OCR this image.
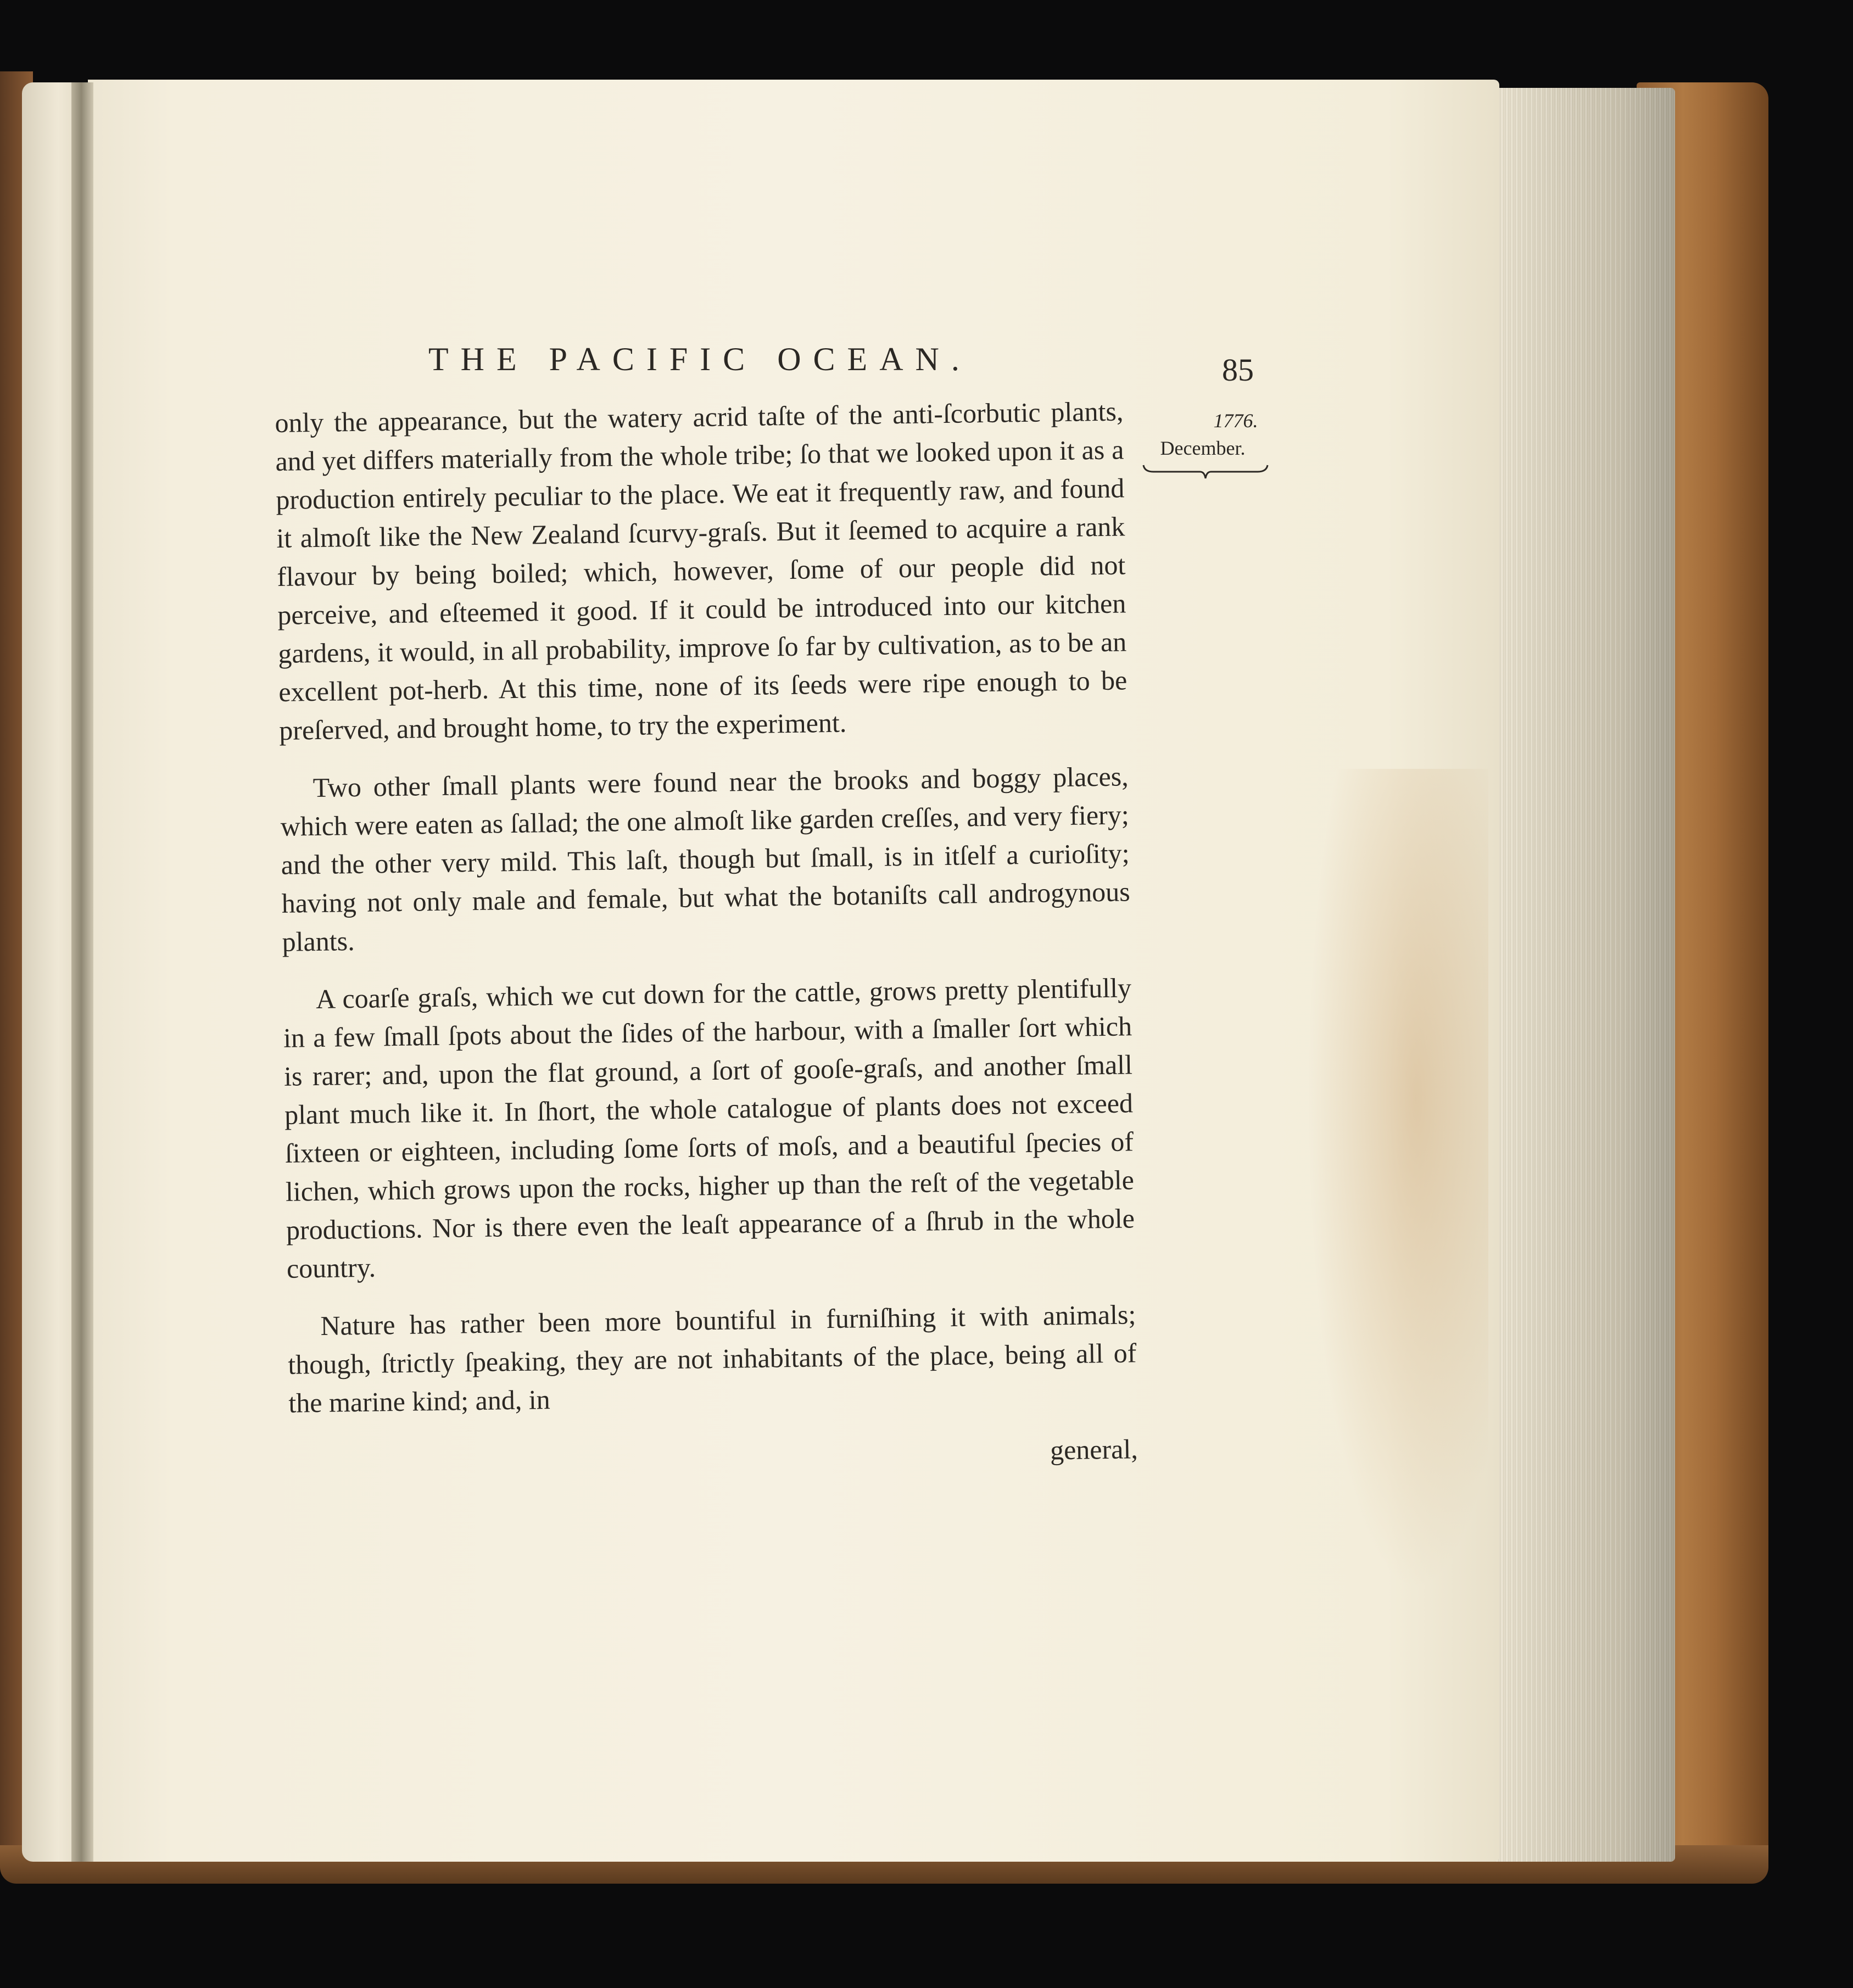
THE PACIFIC OCEAN.	85
1776.
December.

only the appearance, but the watery acrid taſte of the anti-ſcorbutic plants, and yet differs materially from the whole tribe; ſo that we looked upon it as a production entirely peculiar to the place. We eat it frequently raw, and found it almoſt like the New Zealand ſcurvy-graſs. But it ſeemed to acquire a rank flavour by being boiled; which, however, ſome of our people did not perceive, and eſteemed it good. If it could be introduced into our kitchen gardens, it would, in all probability, improve ſo far by cultivation, as to be an excellent pot-herb. At this time, none of its ſeeds were ripe enough to be preſerved, and brought home, to try the experiment.

Two other ſmall plants were found near the brooks and boggy places, which were eaten as ſallad; the one almoſt like garden creſſes, and very fiery; and the other very mild. This laſt, though but ſmall, is in itſelf a curioſity; having not only male and female, but what the botaniſts call androgynous plants.

A coarſe graſs, which we cut down for the cattle, grows pretty plentifully in a few ſmall ſpots about the ſides of the harbour, with a ſmaller ſort which is rarer; and, upon the flat ground, a ſort of gooſe-graſs, and another ſmall plant much like it. In ſhort, the whole catalogue of plants does not exceed ſixteen or eighteen, including ſome ſorts of moſs, and a beautiful ſpecies of lichen, which grows upon the rocks, higher up than the reſt of the vegetable productions. Nor is there even the leaſt appearance of a ſhrub in the whole country.

Nature has rather been more bountiful in furniſhing it with animals; though, ſtrictly ſpeaking, they are not inhabitants of the place, being all of the marine kind; and, in

general,
